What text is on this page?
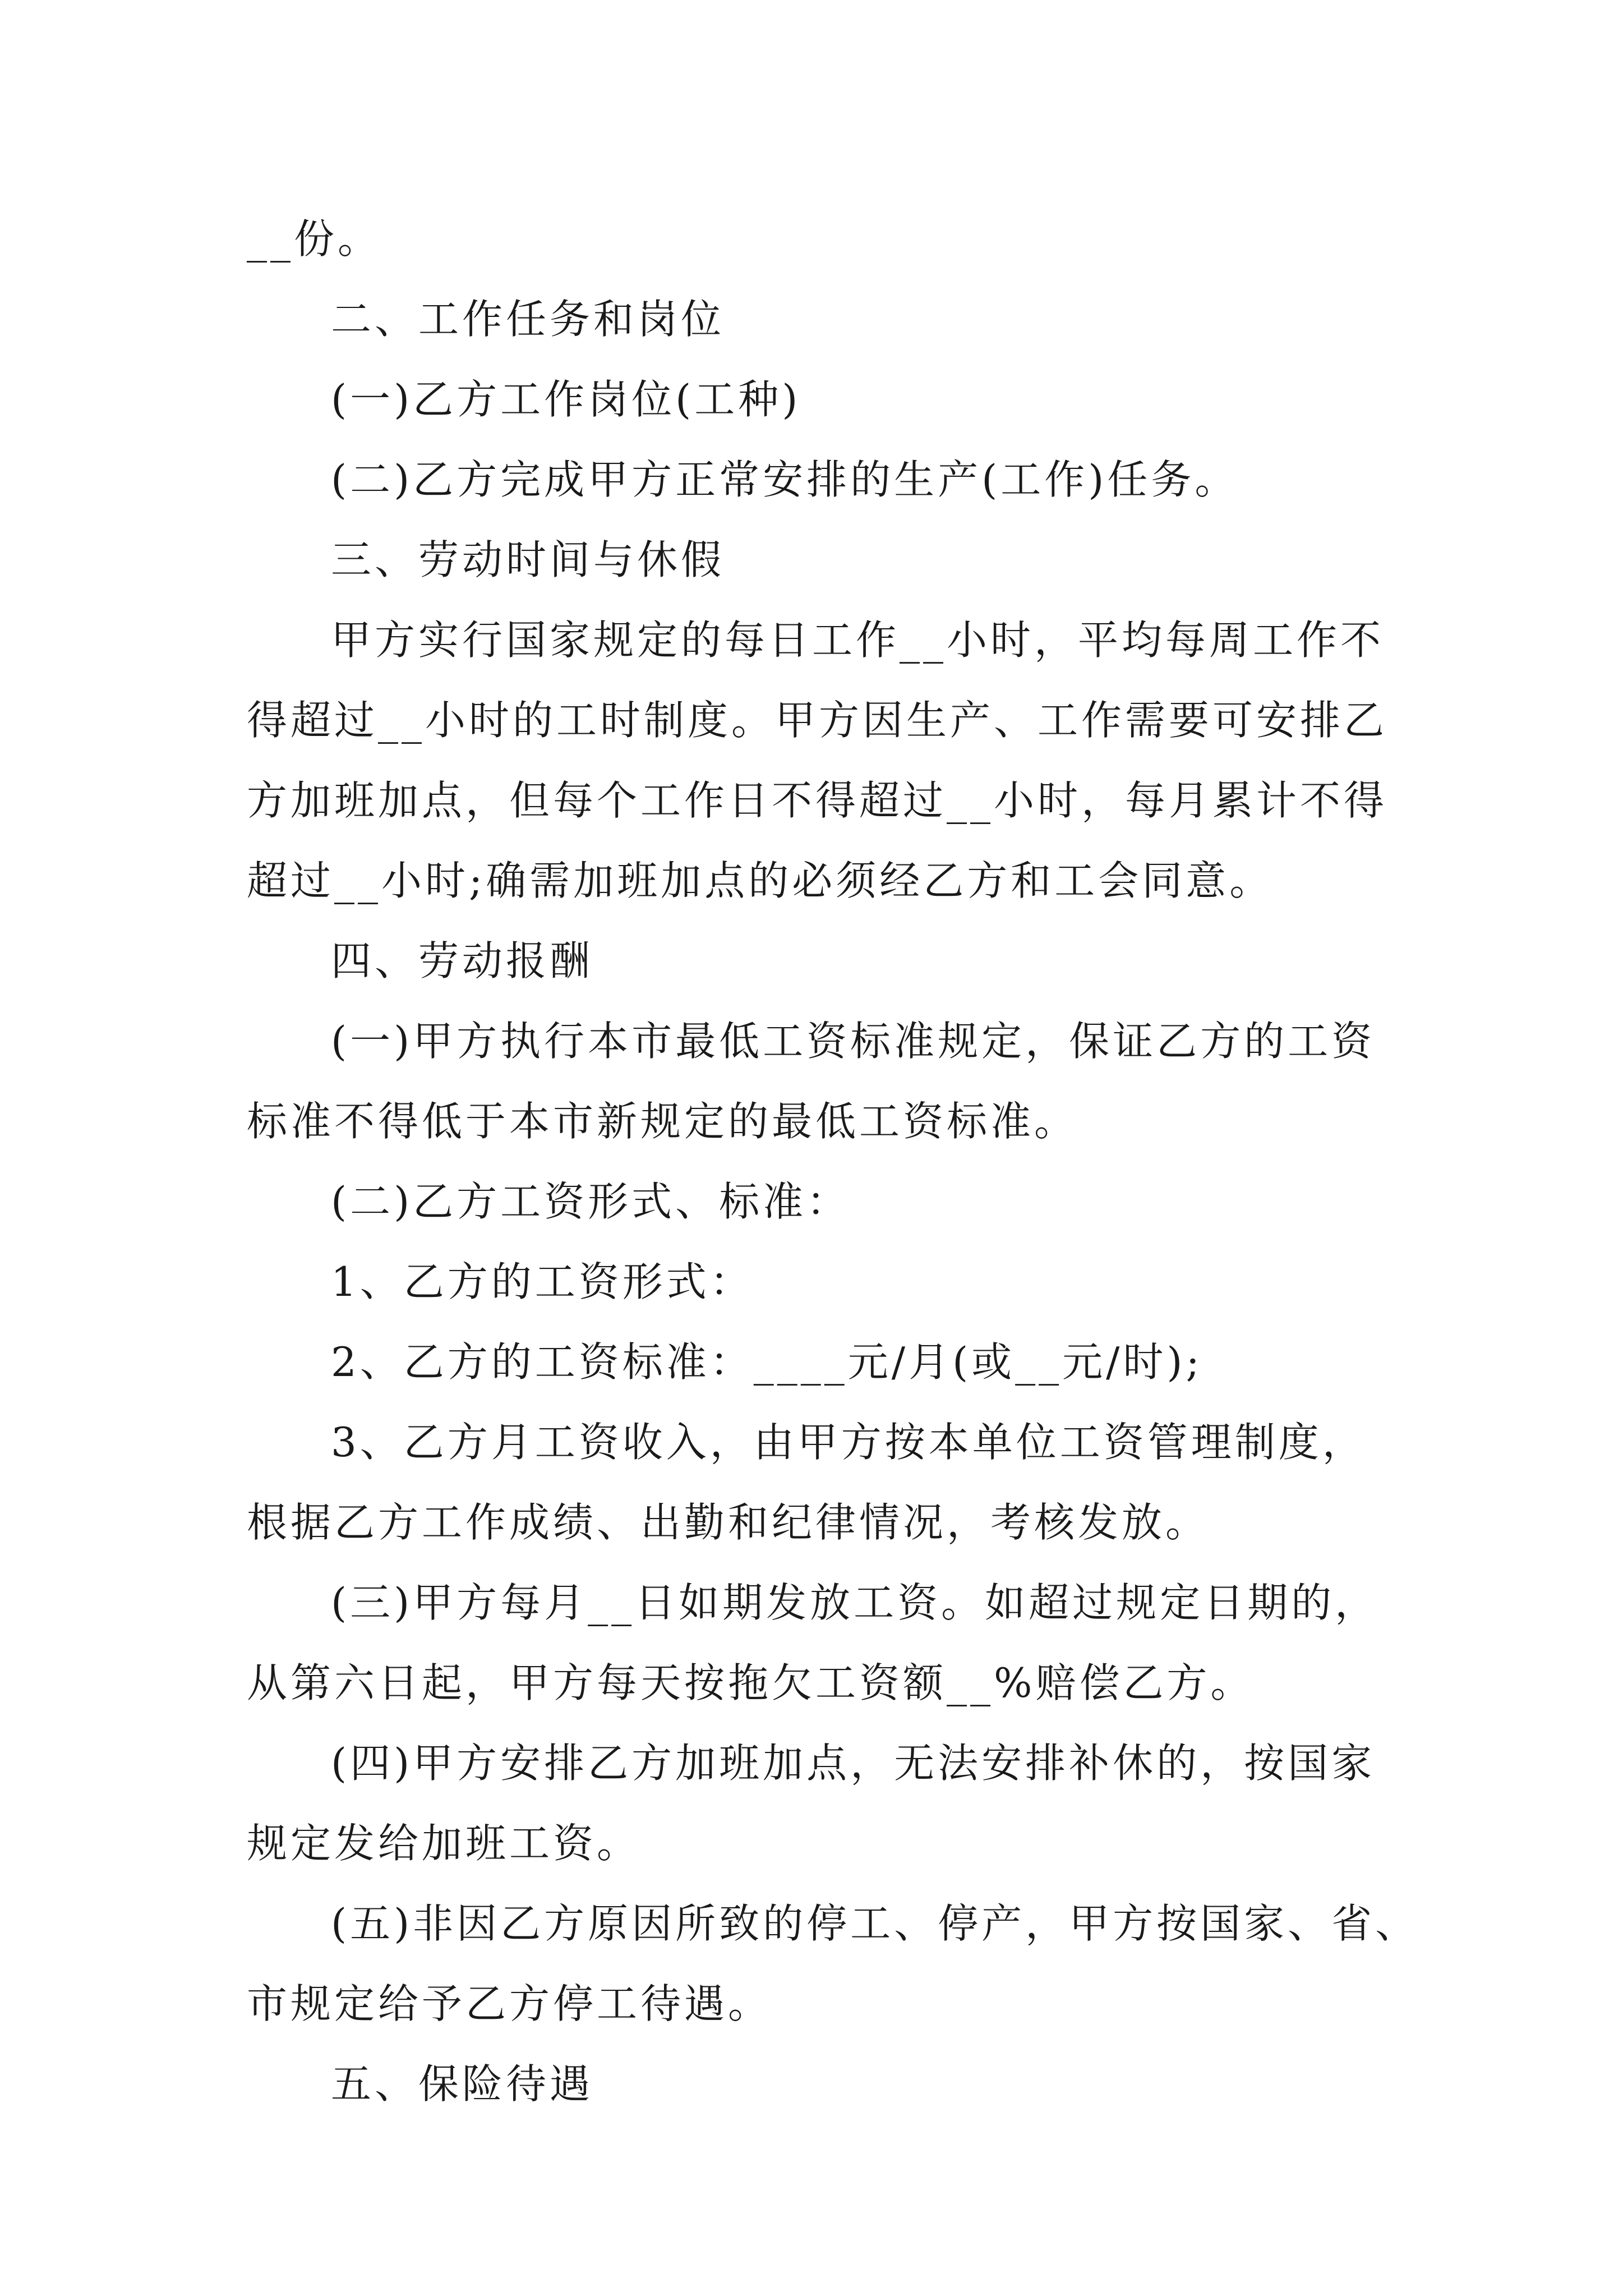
__份。

二、工作任务和岗位

(一)乙方工作岗位(工种)

(二)乙方完成甲方正常安排的生产(工作)任务。

三、劳动时间与休假

甲方实行国家规定的每日工作__小时，平均每周工作不

得超过__小时的工时制度。甲方因生产、工作需要可安排乙

方加班加点，但每个工作日不得超过__小时，每月累计不得

超过__小时;确需加班加点的必须经乙方和工会同意。

四、劳动报酬

(一)甲方执行本市最低工资标准规定，保证乙方的工资

标准不得低于本市新规定的最低工资标准。

(二)乙方工资形式、标准：

1、乙方的工资形式：

2、乙方的工资标准：____元/月(或__元/时);

3、乙方月工资收入，由甲方按本单位工资管理制度，

根据乙方工作成绩、出勤和纪律情况，考核发放。

(三)甲方每月__日如期发放工资。如超过规定日期的，

从第六日起，甲方每天按拖欠工资额__%赔偿乙方。

(四)甲方安排乙方加班加点，无法安排补休的，按国家

规定发给加班工资。

(五)非因乙方原因所致的停工、停产，甲方按国家、省、

市规定给予乙方停工待遇。

五、保险待遇
